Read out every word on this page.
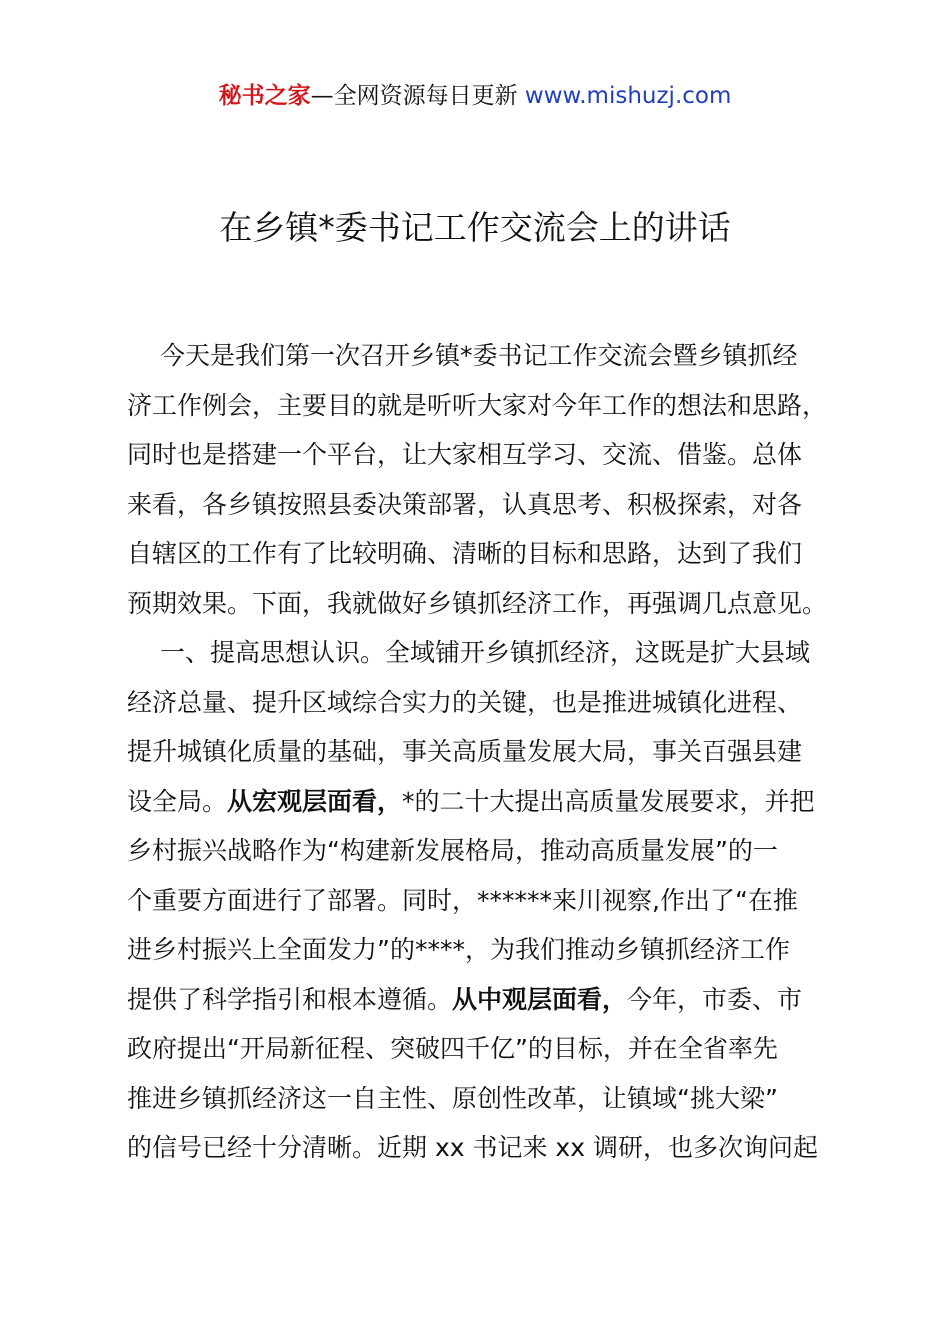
秘书之家—全网资源每日更新 www.mishuzj.com
在乡镇*委书记工作交流会上的讲话
今天是我们第一次召开乡镇*委书记工作交流会暨乡镇抓经
济工作例会，主要目的就是听听大家对今年工作的想法和思路，
同时也是搭建一个平台，让大家相互学习、交流、借鉴。总体
来看，各乡镇按照县委决策部署，认真思考、积极探索，对各
自辖区的工作有了比较明确、清晰的目标和思路，达到了我们
预期效果。下面，我就做好乡镇抓经济工作，再强调几点意见。
一、提高思想认识。全域铺开乡镇抓经济，这既是扩大县域
经济总量、提升区域综合实力的关键，也是推进城镇化进程、
提升城镇化质量的基础，事关高质量发展大局，事关百强县建
设全局。从宏观层面看，*的二十大提出高质量发展要求，并把
乡村振兴战略作为“构建新发展格局，推动高质量发展”的一
个重要方面进行了部署。同时，******来川视察,作出了“在推
进乡村振兴上全面发力”的****，为我们推动乡镇抓经济工作
提供了科学指引和根本遵循。从中观层面看，今年，市委、市
政府提出“开局新征程、突破四千亿”的目标，并在全省率先
推进乡镇抓经济这一自主性、原创性改革，让镇域“挑大梁”
的信号已经十分清晰。近期 xx 书记来 xx 调研，也多次询问起
